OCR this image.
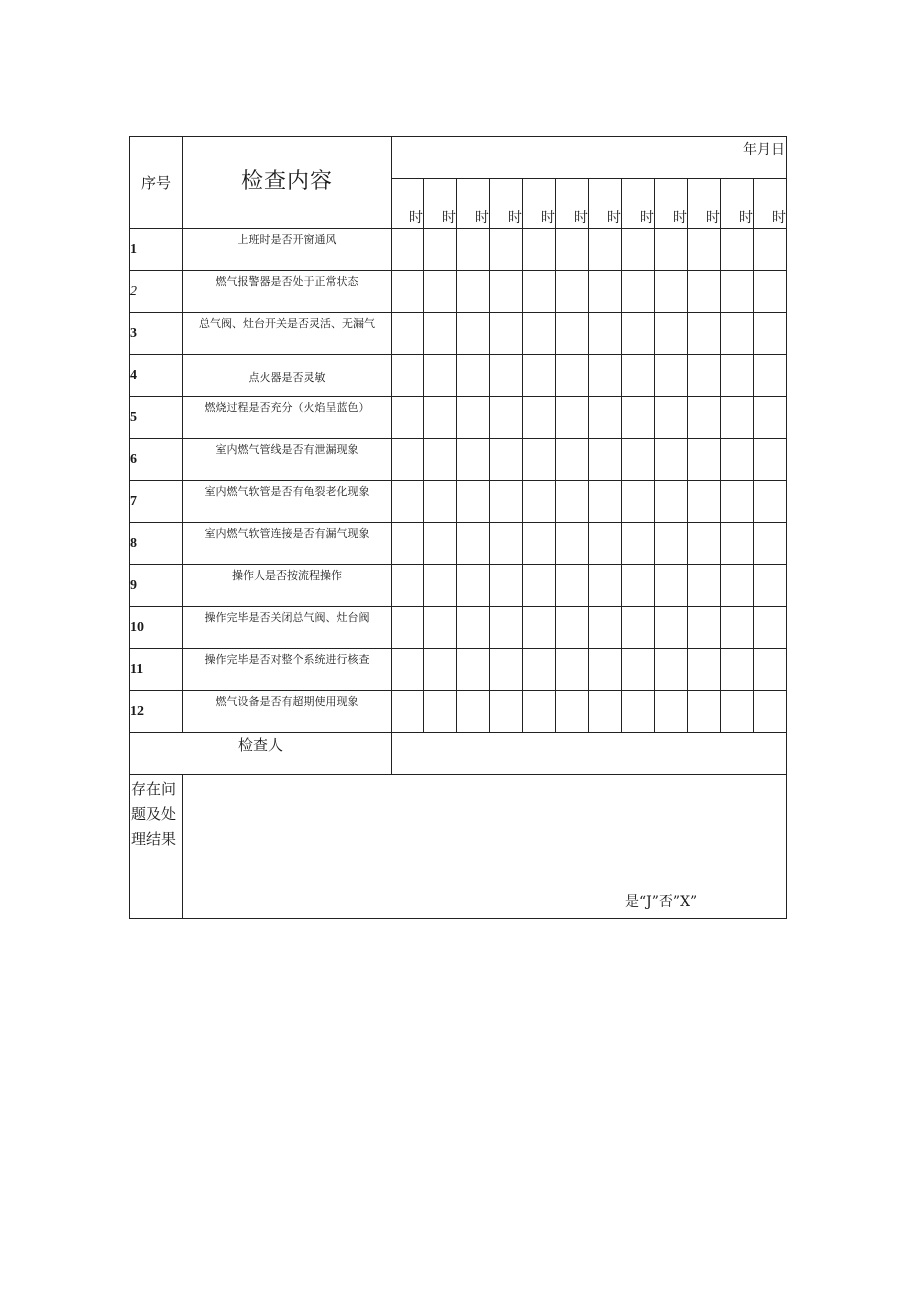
序号	检查内容	年月日											
		时	时	时	时	时	时	时	时	时	时	时	时
1	上班时是否开窗通风												
2	燃气报警器是否处于正常状态												
3	总气阀、灶台开关是否灵活、无漏气												
4	点火器是否灵敏												
5	燃烧过程是否充分（火焰呈蓝色）												
6	室内燃气管线是否有泄漏现象												
7	室内燃气软管是否有龟裂老化现象												
8	室内燃气软管连接是否有漏气现象												
9	操作人是否按流程操作												
10	操作完毕是否关闭总气阀、灶台阀												
11	操作完毕是否对整个系统进行核查												
12	燃气设备是否有超期使用现象												
检查人													
存在问题及处理结果													
是“J”否”X”
